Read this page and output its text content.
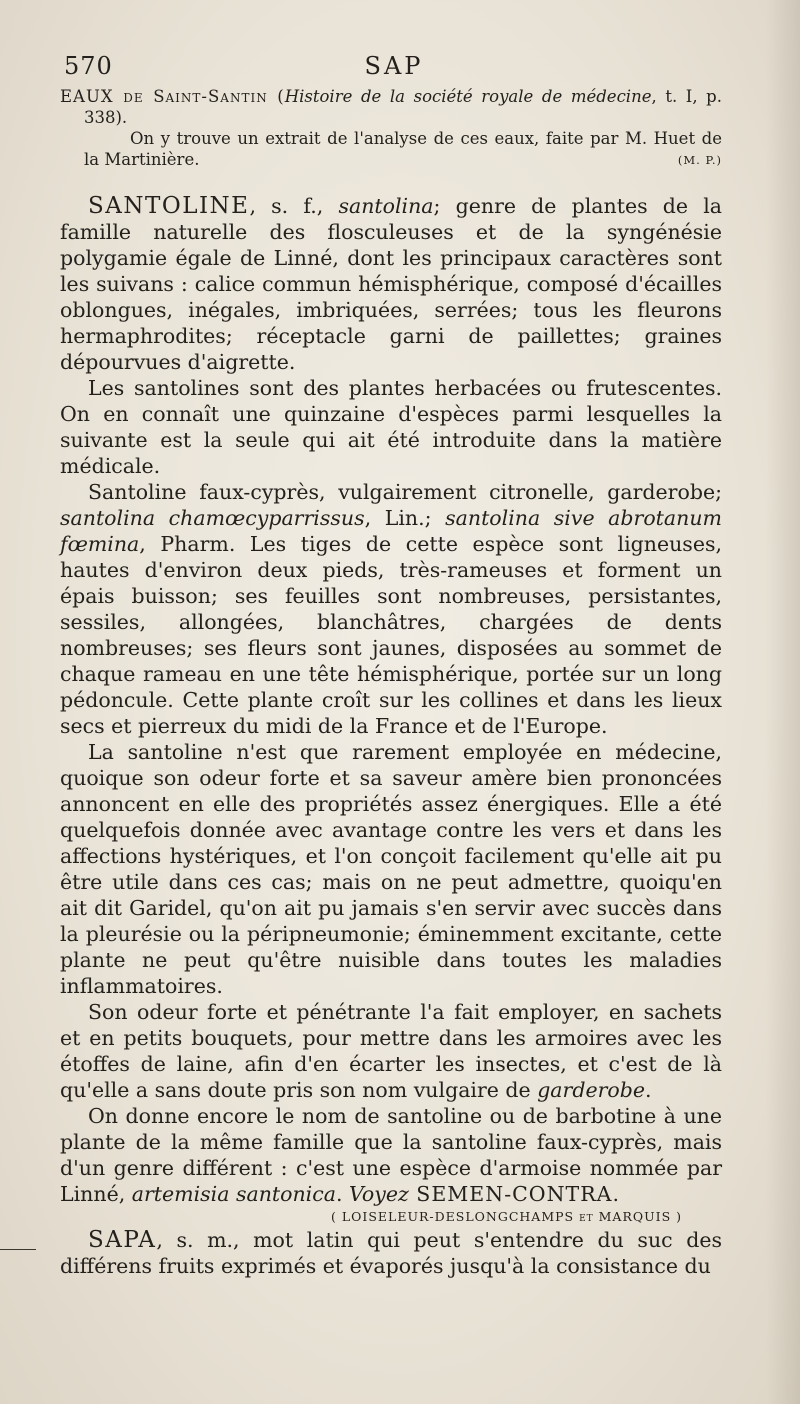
570	SAP

EAUX de Saint-Santin (Histoire de la société royale de médecine, t. I, p. 338).

On y trouve un extrait de l'analyse de ces eaux, faite par M. Huet de la Martinière.	(M. P.)

SANTOLINE, s. f., santolina; genre de plantes de la famille naturelle des flosculeuses et de la syngénésie polygamie égale de Linné, dont les principaux caractères sont les suivans : calice commun hémisphérique, composé d'écailles oblongues, inégales, imbriquées, serrées; tous les fleurons hermaphrodites; réceptacle garni de paillettes; graines dépourvues d'aigrette.

Les santolines sont des plantes herbacées ou frutescentes. On en connaît une quinzaine d'espèces parmi lesquelles la suivante est la seule qui ait été introduite dans la matière médicale.

Santoline faux-cyprès, vulgairement citronelle, garderobe; santolina chamœcyparrissus, Lin.; santolina sive abrotanum fœmina, Pharm. Les tiges de cette espèce sont ligneuses, hautes d'environ deux pieds, très-rameuses et forment un épais buisson; ses feuilles sont nombreuses, persistantes, sessiles, allongées, blanchâtres, chargées de dents nombreuses; ses fleurs sont jaunes, disposées au sommet de chaque rameau en une tête hémisphérique, portée sur un long pédoncule. Cette plante croît sur les collines et dans les lieux secs et pierreux du midi de la France et de l'Europe.

La santoline n'est que rarement employée en médecine, quoique son odeur forte et sa saveur amère bien prononcées annoncent en elle des propriétés assez énergiques. Elle a été quelquefois donnée avec avantage contre les vers et dans les affections hystériques, et l'on conçoit facilement qu'elle ait pu être utile dans ces cas; mais on ne peut admettre, quoiqu'en ait dit Garidel, qu'on ait pu jamais s'en servir avec succès dans la pleurésie ou la péripneumonie; éminemment excitante, cette plante ne peut qu'être nuisible dans toutes les maladies inflammatoires.

Son odeur forte et pénétrante l'a fait employer, en sachets et en petits bouquets, pour mettre dans les armoires avec les étoffes de laine, afin d'en écarter les insectes, et c'est de là qu'elle a sans doute pris son nom vulgaire de garderobe.

On donne encore le nom de santoline ou de barbotine à une plante de la même famille que la santoline faux-cyprès, mais d'un genre différent : c'est une espèce d'armoise nommée par Linné, artemisia santonica. Voyez SEMEN-CONTRA.

( LOISELEUR-DESLONGCHAMPS et MARQUIS )

SAPA, s. m., mot latin qui peut s'entendre du suc des différens fruits exprimés et évaporés jusqu'à la consistance du
